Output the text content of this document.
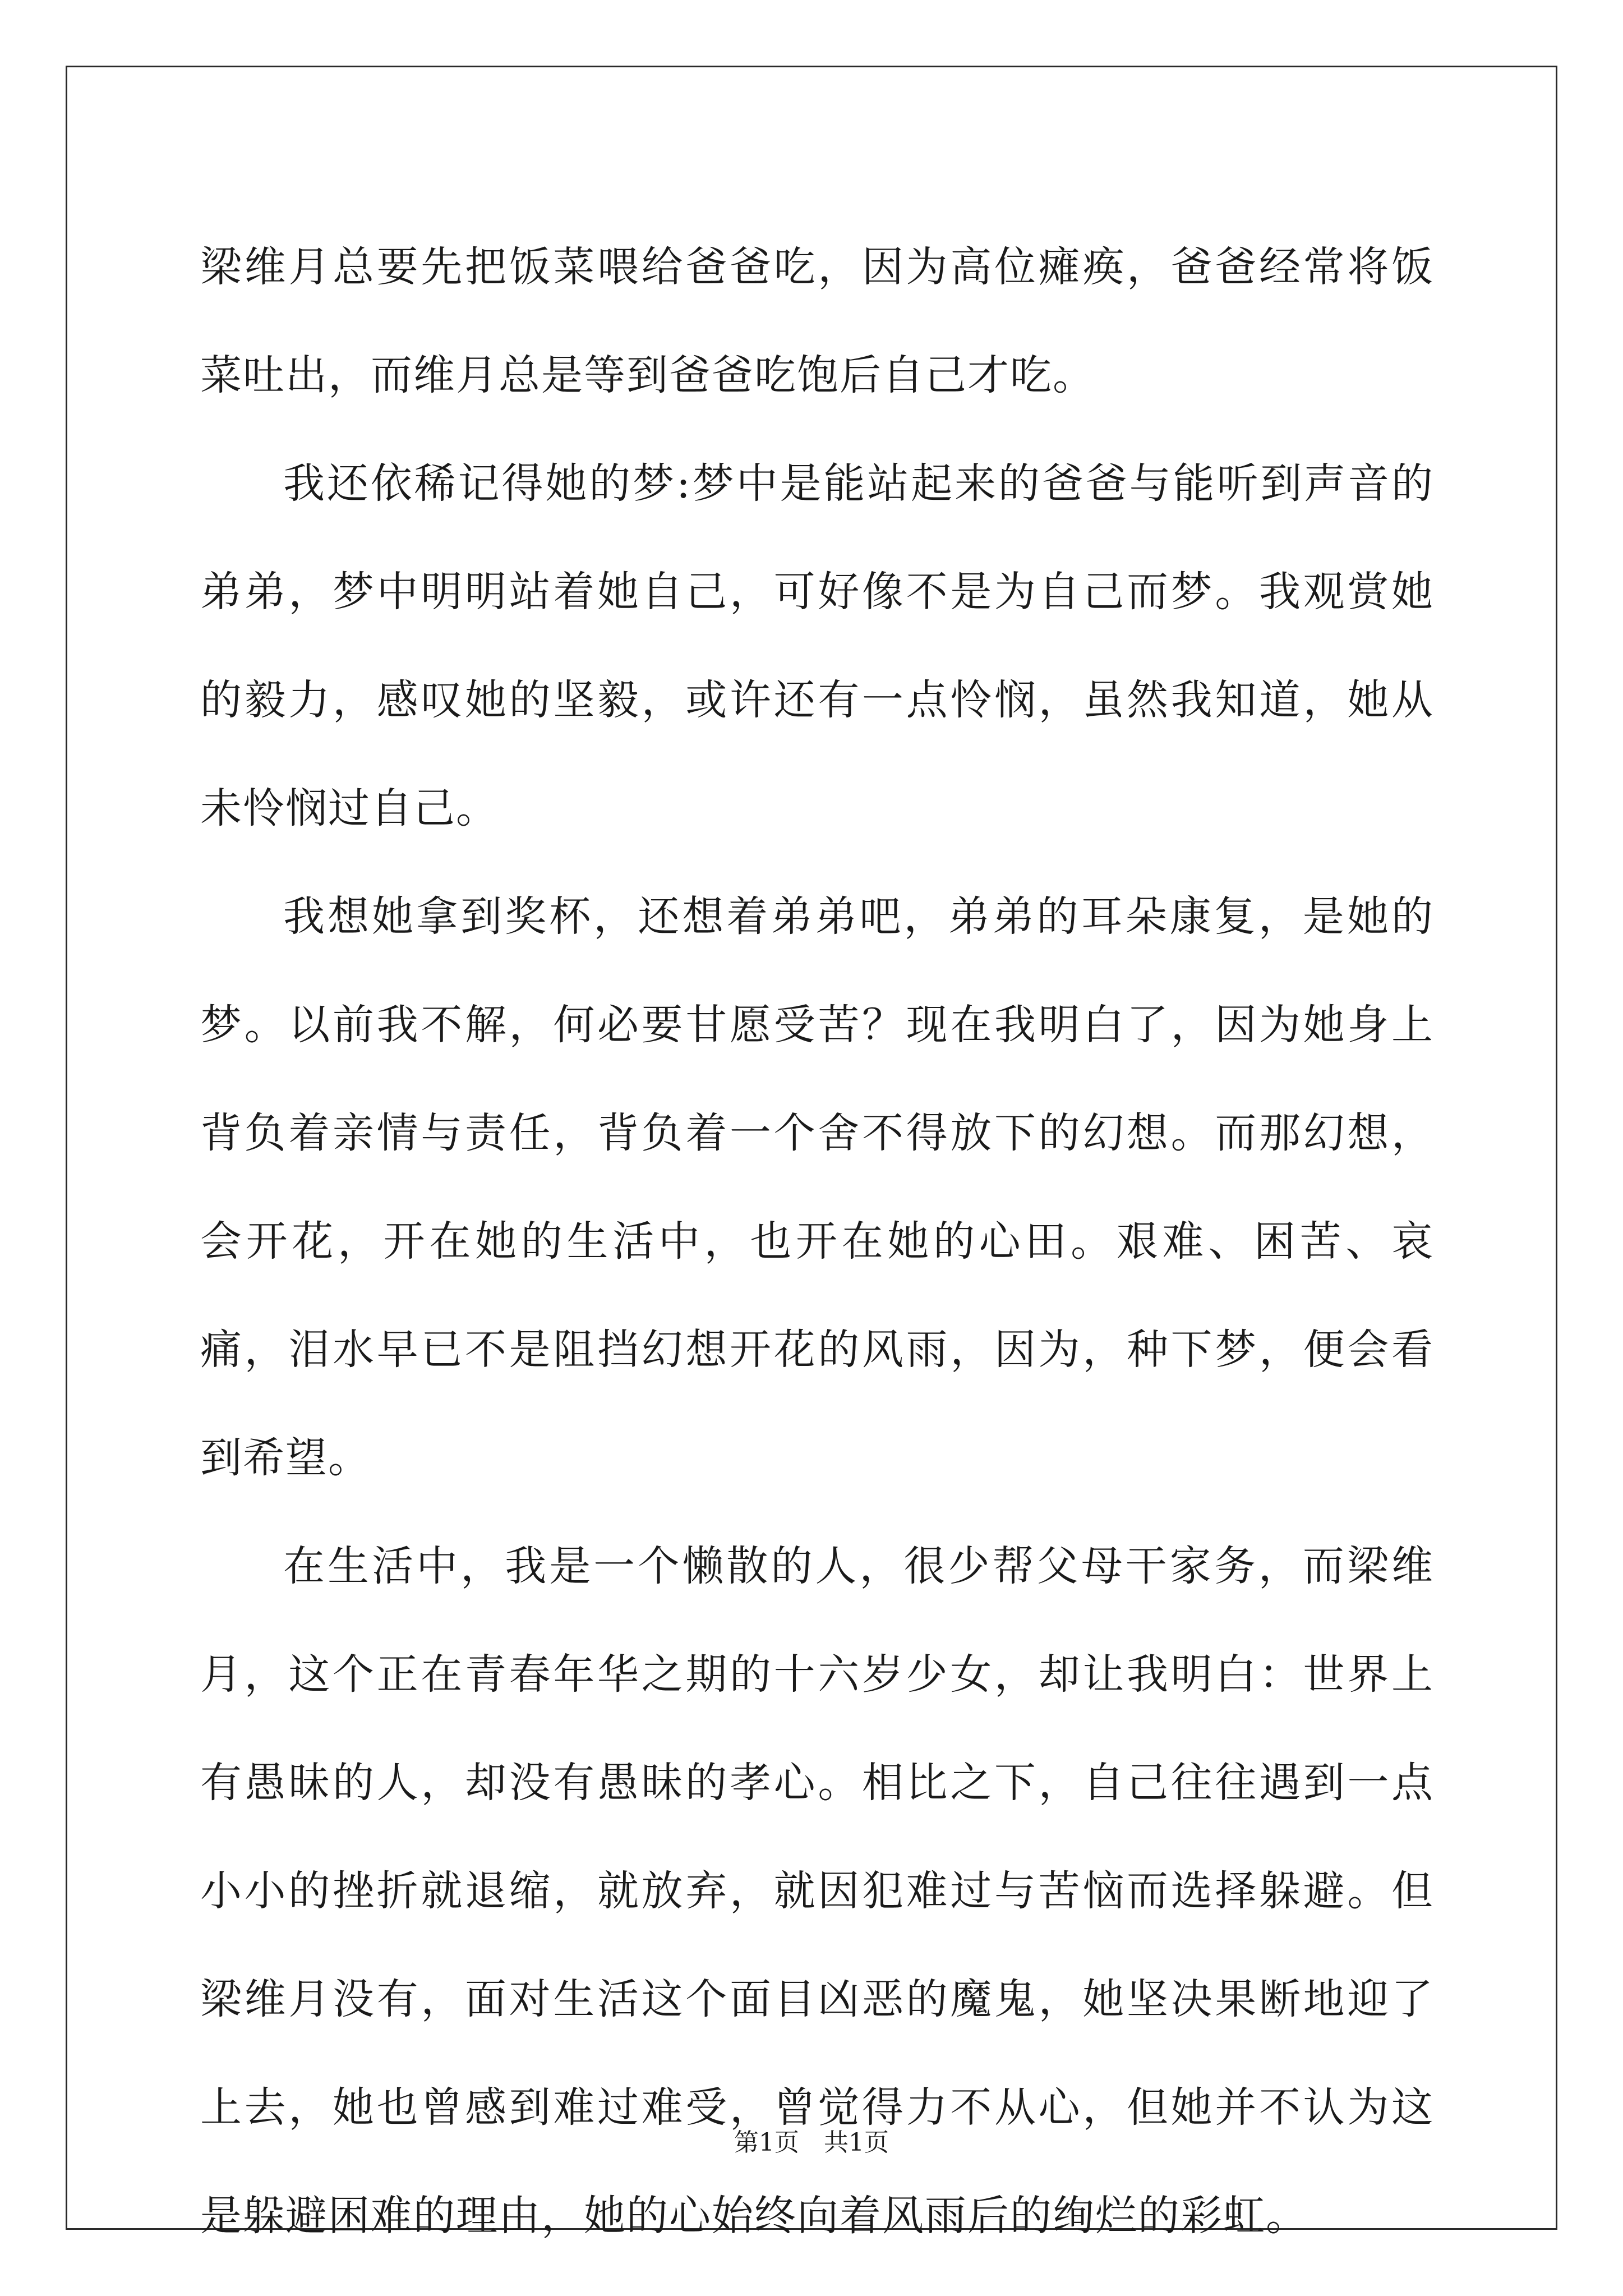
梁维月总要先把饭菜喂给爸爸吃，因为高位瘫痪，爸爸经常将饭菜吐出，而维月总是等到爸爸吃饱后自己才吃。

我还依稀记得她的梦:梦中是能站起来的爸爸与能听到声音的弟弟，梦中明明站着她自己，可好像不是为自己而梦。我观赏她的毅力，感叹她的坚毅，或许还有一点怜悯，虽然我知道，她从未怜悯过自己。

我想她拿到奖杯，还想着弟弟吧，弟弟的耳朵康复，是她的梦。以前我不解，何必要甘愿受苦？现在我明白了，因为她身上背负着亲情与责任，背负着一个舍不得放下的幻想。而那幻想，会开花，开在她的生活中，也开在她的心田。艰难、困苦、哀痛，泪水早已不是阻挡幻想开花的风雨，因为，种下梦，便会看到希望。

在生活中，我是一个懒散的人，很少帮父母干家务，而梁维月，这个正在青春年华之期的十六岁少女，却让我明白：世界上有愚昧的人，却没有愚昧的孝心。相比之下，自己往往遇到一点小小的挫折就退缩，就放弃，就因犯难过与苦恼而选择躲避。但梁维月没有，面对生活这个面目凶恶的魔鬼，她坚决果断地迎了上去，她也曾感到难过难受，曾觉得力不从心，但她并不认为这是躲避困难的理由，她的心始终向着风雨后的绚烂的彩虹。

第1页　共1页
